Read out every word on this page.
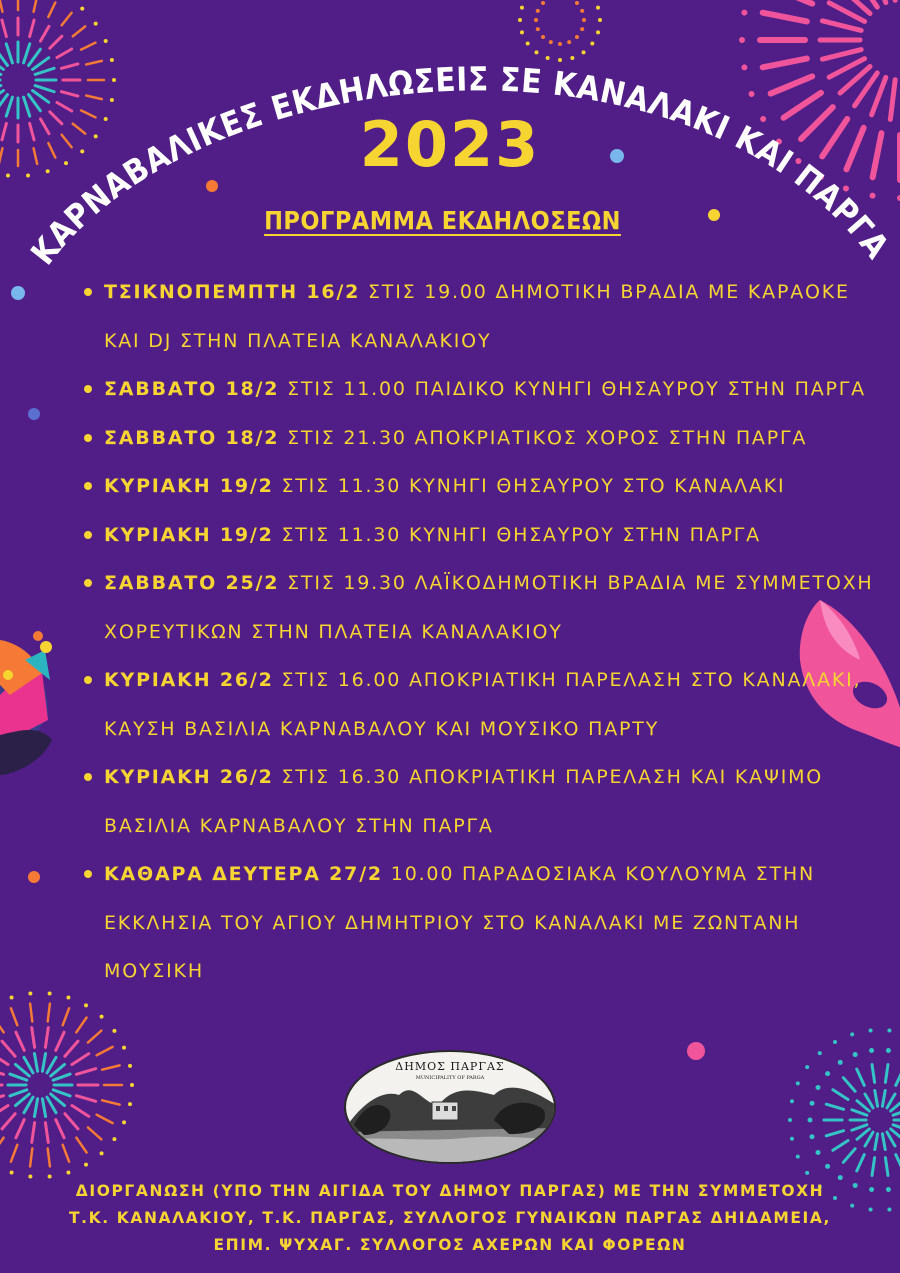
ΚΑΡΝΑΒΑΛΙΚΕΣ ΕΚΔΗΛΩΣΕΙΣ ΣΕ ΚΑΝΑΛΑΚΙ ΚΑΙ ΠΑΡΓΑ
2023
ΠΡΟΓΡΑΜΜΑ ΕΚΔΗΛΟΣΕΩΝ
ΤΣΙΚΝΟΠΕΜΠΤΗ 16/2 ΣΤΙΣ 19.00 ΔΗΜΟΤΙΚΗ ΒΡΑΔΙΑ ΜΕ ΚΑΡΑΟΚΕ ΚΑΙ DJ ΣΤΗΝ ΠΛΑΤΕΙΑ ΚΑΝΑΛΑΚΙΟΥ
ΣΑΒΒΑΤΟ 18/2 ΣΤΙΣ 11.00 ΠΑΙΔΙΚΟ ΚΥΝΗΓΙ ΘΗΣΑΥΡΟΥ ΣΤΗΝ ΠΑΡΓΑ
ΣΑΒΒΑΤΟ 18/2 ΣΤΙΣ 21.30 ΑΠΟΚΡΙΑΤΙΚΟΣ ΧΟΡΟΣ ΣΤΗΝ ΠΑΡΓΑ
ΚΥΡΙΑΚΗ 19/2 ΣΤΙΣ 11.30 ΚΥΝΗΓΙ ΘΗΣΑΥΡΟΥ ΣΤΟ ΚΑΝΑΛΑΚΙ
ΚΥΡΙΑΚΗ 19/2 ΣΤΙΣ 11.30 ΚΥΝΗΓΙ ΘΗΣΑΥΡΟΥ ΣΤΗΝ ΠΑΡΓΑ
ΣΑΒΒΑΤΟ 25/2 ΣΤΙΣ 19.30 ΛΑΪΚΟΔΗΜΟΤΙΚΗ ΒΡΑΔΙΑ ΜΕ ΣΥΜΜΕΤΟΧΗ ΧΟΡΕΥΤΙΚΩΝ ΣΤΗΝ ΠΛΑΤΕΙΑ ΚΑΝΑΛΑΚΙΟΥ
ΚΥΡΙΑΚΗ 26/2 ΣΤΙΣ 16.00 ΑΠΟΚΡΙΑΤΙΚΗ ΠΑΡΕΛΑΣΗ ΣΤΟ ΚΑΝΑΛΑΚΙ, ΚΑΥΣΗ ΒΑΣΙΛΙΑ ΚΑΡΝΑΒΑΛΟΥ ΚΑΙ ΜΟΥΣΙΚΟ ΠΑΡΤΥ
ΚΥΡΙΑΚΗ 26/2 ΣΤΙΣ 16.30 ΑΠΟΚΡΙΑΤΙΚΗ ΠΑΡΕΛΑΣΗ ΚΑΙ ΚΑΨΙΜΟ ΒΑΣΙΛΙΑ ΚΑΡΝΑΒΑΛΟΥ ΣΤΗΝ ΠΑΡΓΑ
ΚΑΘΑΡΑ ΔΕΥΤΕΡΑ 27/2 10.00 ΠΑΡΑΔΟΣΙΑΚΑ ΚΟΥΛΟΥΜΑ ΣΤΗΝ ΕΚΚΛΗΣΙΑ ΤΟΥ ΑΓΙΟΥ ΔΗΜΗΤΡΙΟΥ ΣΤΟ ΚΑΝΑΛΑΚΙ ΜΕ ΖΩΝΤΑΝΗ ΜΟΥΣΙΚΗ
ΔΗΜΟΣ ΠΑΡΓΑΣ
MUNICIPALITY OF PARGA
ΔΙΟΡΓΑΝΩΣΗ (ΥΠΟ ΤΗΝ ΑΙΓΙΔΑ ΤΟΥ ΔΗΜΟΥ ΠΑΡΓΑΣ) ΜΕ ΤΗΝ ΣΥΜΜΕΤΟΧΗ
Τ.Κ. ΚΑΝΑΛΑΚΙΟΥ, Τ.Κ. ΠΑΡΓΑΣ, ΣΥΛΛΟΓΟΣ ΓΥΝΑΙΚΩΝ ΠΑΡΓΑΣ ΔΗΙΔΑΜΕΙΑ,
ΕΠΙΜ. ΨΥΧΑΓ. ΣΥΛΛΟΓΟΣ ΑΧΕΡΩΝ ΚΑΙ ΦΟΡΕΩΝ
